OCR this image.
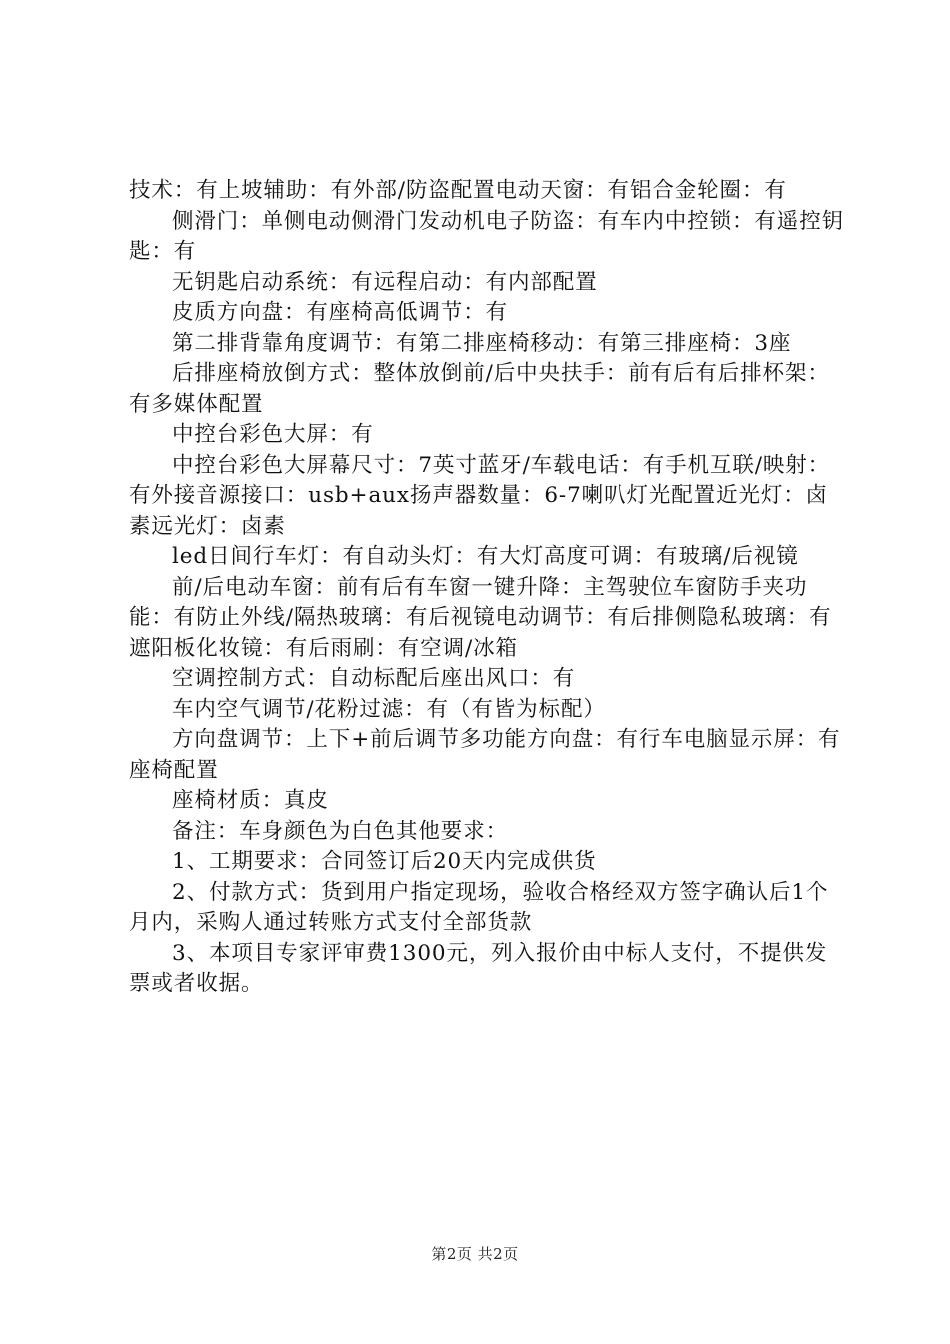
技术：有上坡辅助：有外部/防盗配置电动天窗：有铝合金轮圈：有

侧滑门：单侧电动侧滑门发动机电子防盗：有车内中控锁：有遥控钥匙：有

无钥匙启动系统：有远程启动：有内部配置

皮质方向盘：有座椅高低调节：有

第二排背靠角度调节：有第二排座椅移动：有第三排座椅：3座

后排座椅放倒方式：整体放倒前/后中央扶手：前有后有后排杯架：有多媒体配置

中控台彩色大屏：有

中控台彩色大屏幕尺寸：7英寸蓝牙/车载电话：有手机互联/映射：有外接音源接口：usb+aux扬声器数量：6-7喇叭灯光配置近光灯：卤素远光灯：卤素

led日间行车灯：有自动头灯：有大灯高度可调：有玻璃/后视镜

前/后电动车窗：前有后有车窗一键升降：主驾驶位车窗防手夹功能：有防止外线/隔热玻璃：有后视镜电动调节：有后排侧隐私玻璃：有遮阳板化妆镜：有后雨刷：有空调/冰箱

空调控制方式：自动标配后座出风口：有

车内空气调节/花粉过滤：有（有皆为标配）

方向盘调节：上下+前后调节多功能方向盘：有行车电脑显示屏：有座椅配置

座椅材质：真皮

备注：车身颜色为白色其他要求：

1、工期要求：合同签订后20天内完成供货

2、付款方式：货到用户指定现场，验收合格经双方签字确认后1个月内，采购人通过转账方式支付全部货款

3、本项目专家评审费1300元，列入报价由中标人支付，不提供发票或者收据。

第2页 共2页
